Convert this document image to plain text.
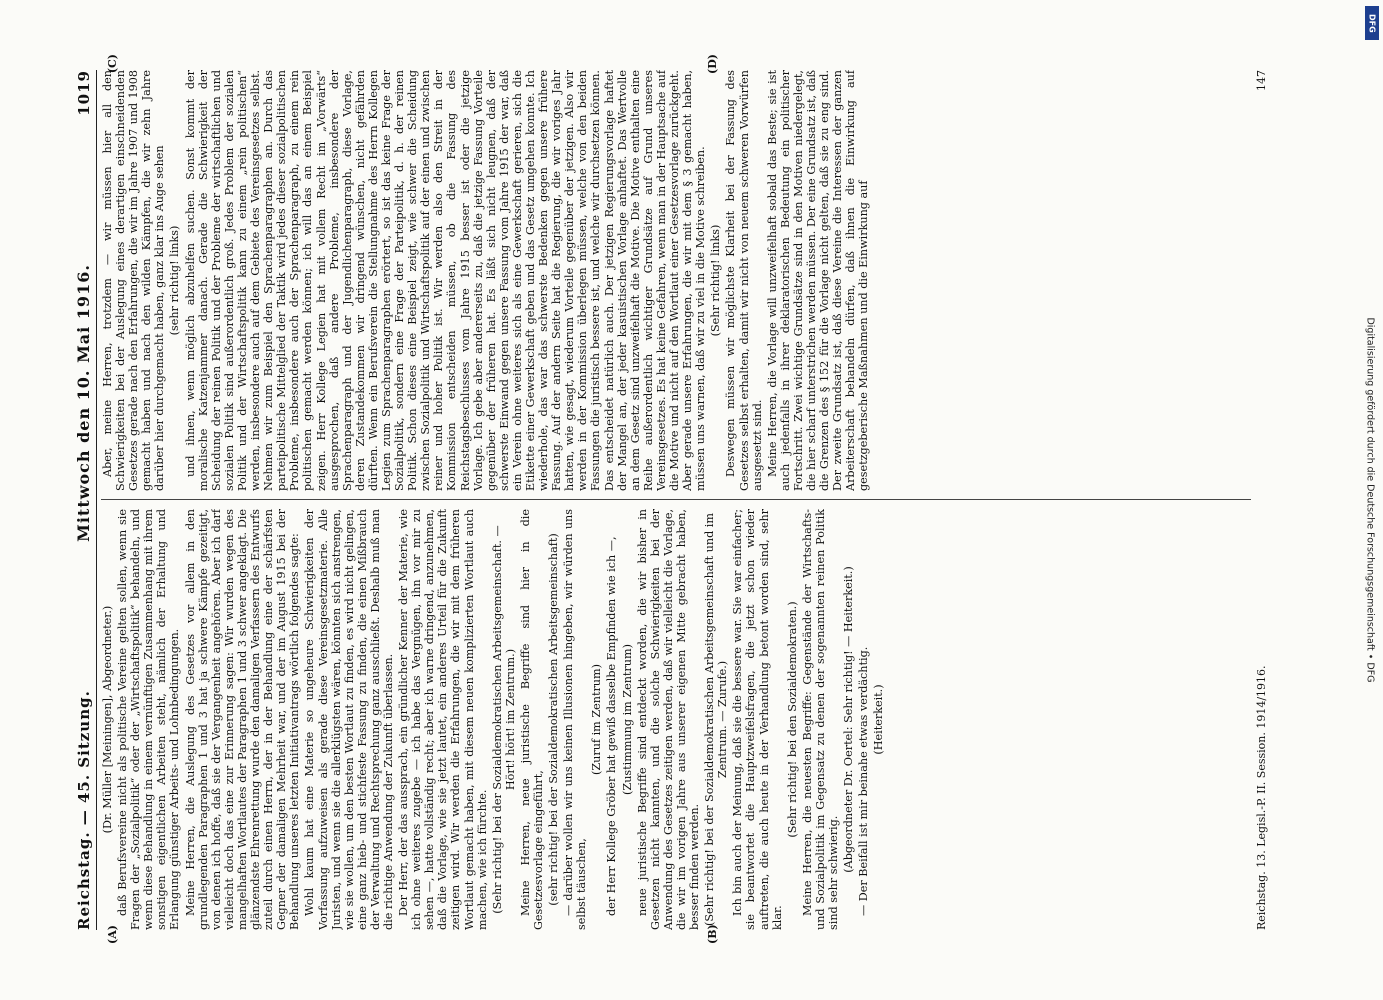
Reichstag. — 45. Sitzung.
Mittwoch den 10. Mai 1916.
1019

(Dr. Müller [Meiningen], Abgeordneter.) daß Berufsvereine nicht als politische Vereine gelten sollen, wenn sie Fragen der „Sozialpolitik“ oder der „Wirtschaftspolitik“ behandeln, und wenn diese Behandlung in einem vernünftigen Zusammenhang mit ihrem sonstigen eigentlichen Arbeiten steht, nämlich der Erhaltung und Erlangung günstiger Arbeits- und Lohnbedingungen. Meine Herren, die Auslegung des Gesetzes vor allem in den grundlegenden Paragraphen 1 und 3 hat ja schwere Kämpfe gezeitigt, von denen ich hoffe, daß sie der Vergangenheit angehören. Aber ich darf vielleicht doch das eine zur Erinnerung sagen: Wir wurden wegen des mangelhaften Wortlautes der Paragraphen 1 und 3 schwer angeklagt. Die glänzendste Ehrenrettung wurde den damaligen Verfassern des Entwurfs zuteil durch einen Herrn, der in der Behandlung eine der schärfsten Gegner der damaligen Mehrheit war, und der im August 1915 bei der Behandlung unseres letzten Initiativantrags wörtlich folgendes sagte: Wohl kaum hat eine Materie so ungeheure Schwierigkeiten der Vorfassung aufzuweisen als gerade diese Vereinsgesetzmaterie. Alle Juristen, und wenn sie die allerklügsten wären, könnten sich anstrengen, wie sie wollen, um den besten Wortlaut zu finden, es wird nicht gelingen, eine ganz hieb- und stichfeste Fassung zu finden, die einen Mißbrauch der Verwaltung und Rechtsprechung ganz ausschließt. Deshalb muß man die richtige Anwendung der Zukunft überlassen. Der Herr, der das aussprach, ein gründlicher Kenner der Materie, wie ich ohne weiteres zugebe — ich habe das Vergnügen, ihn vor mir zu sehen —, hatte vollständig recht; aber ich warne dringend, anzunehmen, daß die Vorlage, wie sie jetzt lautet, ein anderes Urteil für die Zukunft zeitigen wird. Wir werden die Erfahrungen, die wir mit dem früheren Wortlaut gemacht haben, mit diesem neuen komplizierten Wortlaut auch machen, wie ich fürchte. (Sehr richtig! bei der Sozialdemokratischen Arbeitsgemeinschaft. — Hört! hört! im Zentrum.) Meine Herren, neue juristische Begriffe sind hier in die Gesetzesvorlage eingeführt, (sehr richtig! bei der Sozialdemokratischen Arbeitsgemeinschaft) — darüber wollen wir uns keinen Illusionen hingeben, wir würden uns selbst täuschen,

(Zuruf im Zentrum) der Herr Kollege Gröber hat gewiß dasselbe Empfinden wie ich —, (Zustimmung im Zentrum) neue juristische Begriffe sind entdeckt worden, die wir bisher in Gesetzen nicht kannten, und die solche Schwierigkeiten bei der Anwendung des Gesetzes zeitigen werden, daß wir vielleicht die Vorlage, die wir im vorigen Jahre aus unserer eigenen Mitte gebracht haben, besser finden werden. (Sehr richtig! bei der Sozialdemokratischen Arbeitsgemeinschaft und im Zentrum. — Zurufe.) Ich bin auch der Meinung, daß sie die bessere war. Sie war einfacher; sie beantwortet die Hauptzweifelsfragen, die jetzt schon wieder auftreten, die auch heute in der Verhandlung betont worden sind, sehr klar.

(Sehr richtig! bei den Sozialdemokraten.) Meine Herren, die neuesten Begriffe: Gegenstände der Wirtschafts- und Sozialpolitik im Gegensatz zu denen der sogenannten reinen Politik sind sehr schwierig.

(Abgeordneter Dr. Oertel: Sehr richtig! — Heiterkeit.) — Der Beifall ist mir beinahe etwas verdächtig. (Heiterkeit.)

Aber, meine Herren, trotzdem — wir müssen hier all den Schwierigkeiten bei der Auslegung eines derartigen einschneidenden Gesetzes gerade nach den Erfahrungen, die wir im Jahre 1907 und 1908 gemacht haben und nach den wilden Kämpfen, die wir zehn Jahre darüber hier durchgemacht haben, ganz klar ins Auge sehen (sehr richtig! links) und ihnen, wenn möglich abzuhelfen suchen. Sonst kommt der moralische Katzenjammer danach. Gerade die Schwierigkeit der Scheidung der reinen Politik und der Probleme der wirtschaftlichen und sozialen Politik sind außerordentlich groß. Jedes Problem der sozialen Politik und der Wirtschaftspolitik kann zu einem „rein politischen“ werden, insbesondere auch auf dem Gebiete des Vereinsgesetzes selbst. Nehmen wir zum Beispiel den Sprachenparagraphen an. Durch das parteipolitische Mittelglied der Taktik wird jedes dieser sozialpolitischen Probleme, insbesondere auch der Sprachenparagraph, zu einem rein politischen gemacht werden können; ich will das an einem Beispiel zeigen. Herr Kollege Legien hat mit vollem Recht im „Vorwärts“ ausgesprochen, daß andere Probleme, insbesondere der Sprachenparagraph und der Jugendlichenparagraph, diese Vorlage, deren Zustandekommen wir dringend wünschen, nicht gefährden dürften. Wenn ein Berufsverein die Stellungnahme des Herrn Kollegen Legien zum Sprachenparagraphen erörtert, so ist das keine Frage der Sozialpolitik, sondern eine Frage der Parteipolitik, d. h. der reinen Politik. Schon dieses eine Beispiel zeigt, wie schwer die Scheidung zwischen Sozialpolitik und Wirtschaftspolitik auf der einen und zwischen reiner und hoher Politik ist. Wir werden also den Streit in der Kommission entscheiden müssen, ob die Fassung des Reichstagsbeschlusses vom Jahre 1915 besser ist oder die jetzige Vorlage. Ich gebe aber andererseits zu, daß die jetzige Fassung Vorteile gegenüber der früheren hat. Es läßt sich nicht leugnen, daß der schwerste Einwand gegen unsere Fassung vom Jahre 1915 der war, daß ein Verein ohne weiteres sich als eine Gewerkschaft gerieren, sich die Etikette einer Gewerkschaft geben und das Gesetz umgehen konnte. Ich wiederhole, das war das schwerste Bedenken gegen unsere frühere Fassung. Auf der andern Seite hat die Regierung, die wir voriges Jahr hatten, wie gesagt, wiederum Vorteile gegenüber der jetzigen. Also wir werden in der Kommission überlegen müssen, welche von den beiden Fassungen die juristisch bessere ist, und welche wir durchsetzen können. Das entscheidet natürlich auch. Der jetzigen Regierungsvorlage haftet der Mangel an, der jeder kasuistischen Vorlage anhaftet. Das Wertvolle an dem Gesetz sind unzweifelhaft die Motive. Die Motive enthalten eine Reihe außerordentlich wichtiger Grundsätze auf Grund unseres Vereinsgesetzes. Es hat keine Gefahren, wenn man in der Hauptsache auf die Motive und nicht auf den Wortlaut einer Gesetzesvorlage zurückgeht. Aber gerade unsere Erfahrungen, die wir mit dem § 3 gemacht haben, müssen uns warnen, daß wir zu viel in die Motive schreiben. (Sehr richtig! links) Deswegen müssen wir möglichste Klarheit bei der Fassung des Gesetzes selbst erhalten, damit wir nicht von neuem schweren Vorwürfen ausgesetzt sind. Meine Herren, die Vorlage will unzweifelhaft sobald das Beste; sie ist auch jedenfalls in ihrer deklaratorischen Bedeutung ein politischer Fortschritt. Zwei wichtige Grundsätze sind in den Motiven niedergelegt, die hier scharf unterstrichen werden müssen. Der eine Grundsatz ist, daß die Grenzen des § 152 für die Vorlage nicht gelten, daß sie zu eng sind. Der zweite Grundsatz ist, daß diese Vereine die Interessen der ganzen Arbeiterschaft behandeln dürfen, daß ihnen die Einwirkung auf gesetzgeberische Maßnahmen und die Einwirkung auf

Reichstag. 13. Legisl.-P. II. Session. 1914/1916.
147
(A)	(B)
(C)	(D)
Digitalisierung gefördert durch die Deutsche Forschungsgemeinschaft • DFG
DFG
